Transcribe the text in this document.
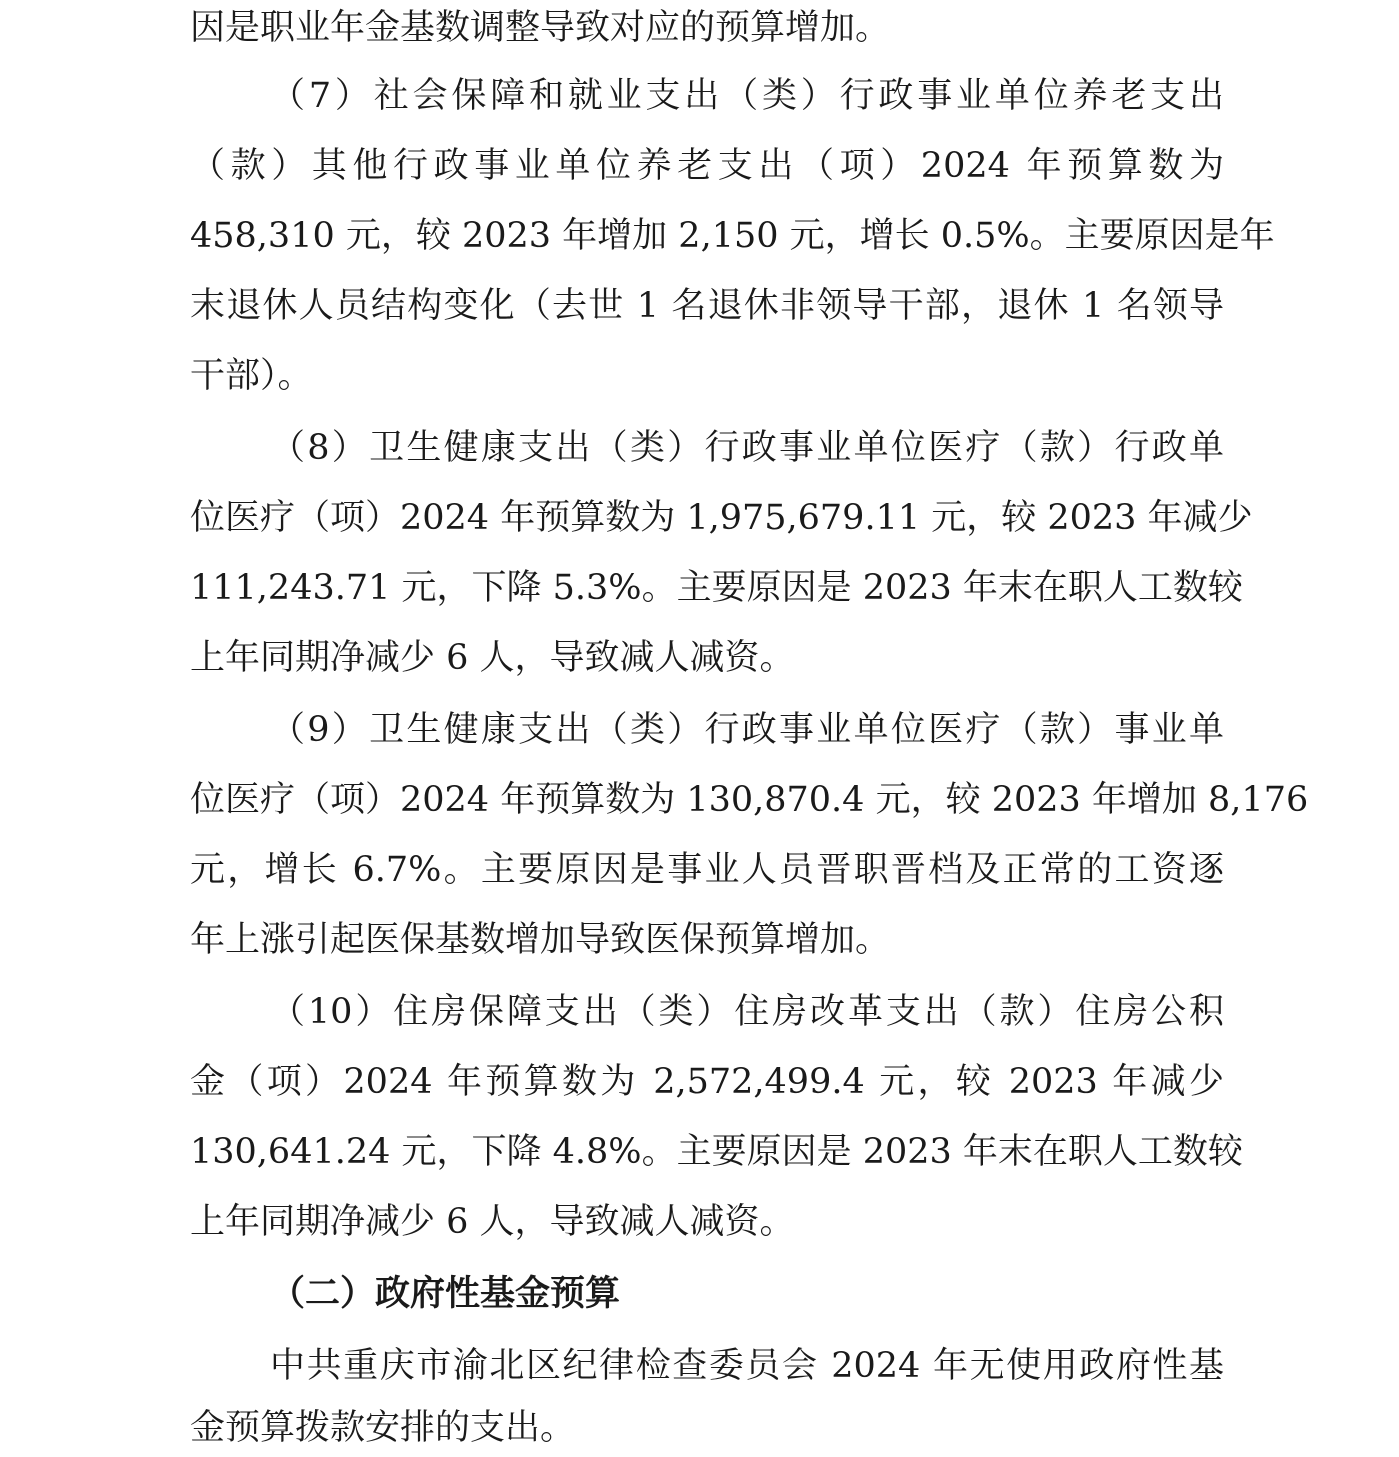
因是职业年金基数调整导致对应的预算增加。
（7）社会保障和就业支出（类）行政事业单位养老支出
（款）其他行政事业单位养老支出（项）2024 年预算数为
458,310 元，较 2023 年增加 2,150 元，增长 0.5%。主要原因是年
末退休人员结构变化（去世 1 名退休非领导干部，退休 1 名领导
干部）。
（8）卫生健康支出（类）行政事业单位医疗（款）行政单
位医疗（项）2024 年预算数为 1,975,679.11 元，较 2023 年减少
111,243.71 元，下降 5.3%。主要原因是 2023 年末在职人工数较
上年同期净减少 6 人，导致减人减资。
（9）卫生健康支出（类）行政事业单位医疗（款）事业单
位医疗（项）2024 年预算数为 130,870.4 元，较 2023 年增加 8,176
元，增长 6.7%。主要原因是事业人员晋职晋档及正常的工资逐
年上涨引起医保基数增加导致医保预算增加。
（10）住房保障支出（类）住房改革支出（款）住房公积
金（项）2024 年预算数为 2,572,499.4 元，较 2023 年减少
130,641.24 元，下降 4.8%。主要原因是 2023 年末在职人工数较
上年同期净减少 6 人，导致减人减资。
（二）政府性基金预算
中共重庆市渝北区纪律检查委员会 2024 年无使用政府性基
金预算拨款安排的支出。
